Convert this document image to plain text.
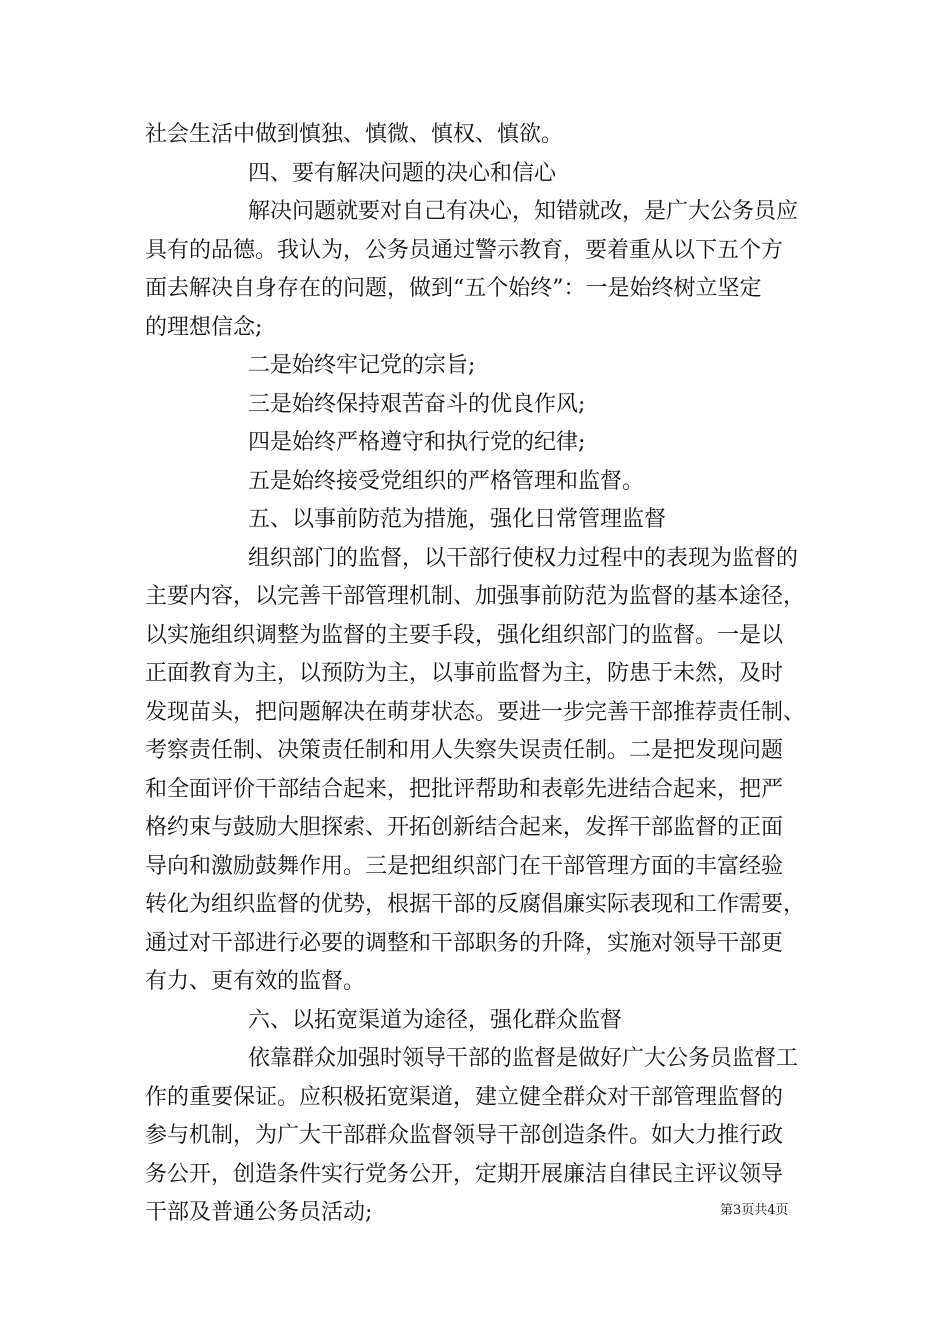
社会生活中做到慎独、慎微、慎权、慎欲。
四、要有解决问题的决心和信心
解决问题就要对自己有决心，知错就改，是广大公务员应
具有的品德。我认为，公务员通过警示教育，要着重从以下五个方
面去解决自身存在的问题，做到“五个始终”：一是始终树立坚定
的理想信念;
二是始终牢记党的宗旨;
三是始终保持艰苦奋斗的优良作风;
四是始终严格遵守和执行党的纪律;
五是始终接受党组织的严格管理和监督。
五、以事前防范为措施，强化日常管理监督
组织部门的监督，以干部行使权力过程中的表现为监督的
主要内容，以完善干部管理机制、加强事前防范为监督的基本途径，
以实施组织调整为监督的主要手段，强化组织部门的监督。一是以
正面教育为主，以预防为主，以事前监督为主，防患于未然，及时
发现苗头，把问题解决在萌芽状态。要进一步完善干部推荐责任制、
考察责任制、决策责任制和用人失察失误责任制。二是把发现问题
和全面评价干部结合起来，把批评帮助和表彰先进结合起来，把严
格约束与鼓励大胆探索、开拓创新结合起来，发挥干部监督的正面
导向和激励鼓舞作用。三是把组织部门在干部管理方面的丰富经验
转化为组织监督的优势，根据干部的反腐倡廉实际表现和工作需要，
通过对干部进行必要的调整和干部职务的升降，实施对领导干部更
有力、更有效的监督。
六、以拓宽渠道为途径，强化群众监督
依靠群众加强时领导干部的监督是做好广大公务员监督工
作的重要保证。应积极拓宽渠道，建立健全群众对干部管理监督的
参与机制，为广大干部群众监督领导干部创造条件。如大力推行政
务公开，创造条件实行党务公开，定期开展廉洁自律民主评议领导
干部及普通公务员活动;	第3页共4页
